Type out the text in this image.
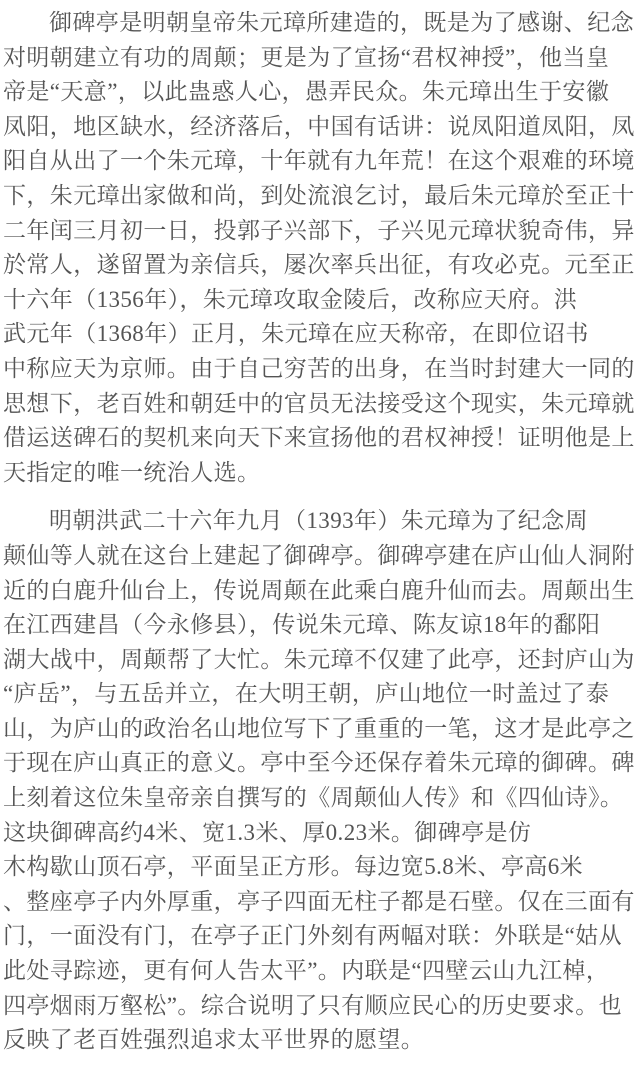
御碑亭是明朝皇帝朱元璋所建造的，既是为了感谢、纪念
对明朝建立有功的周颠；更是为了宣扬“君权神授”，他当皇
帝是“天意”，以此蛊惑人心，愚弄民众。朱元璋出生于安徽
凤阳，地区缺水，经济落后，中国有话讲：说凤阳道凤阳，凤
阳自从出了一个朱元璋，十年就有九年荒！在这个艰难的环境
下，朱元璋出家做和尚，到处流浪乞讨，最后朱元璋於至正十
二年闰三月初一日，投郭子兴部下，子兴见元璋状貌奇伟，异
於常人，遂留置为亲信兵，屡次率兵出征，有攻必克。元至正
十六年（1356年），朱元璋攻取金陵后，改称应天府。洪
武元年（1368年）正月，朱元璋在应天称帝，在即位诏书
中称应天为京师。由于自己穷苦的出身，在当时封建大一同的
思想下，老百姓和朝廷中的官员无法接受这个现实，朱元璋就
借运送碑石的契机来向天下来宣扬他的君权神授！证明他是上
天指定的唯一统治人选。
明朝洪武二十六年九月（1393年）朱元璋为了纪念周
颠仙等人就在这台上建起了御碑亭。御碑亭建在庐山仙人洞附
近的白鹿升仙台上，传说周颠在此乘白鹿升仙而去。周颠出生
在江西建昌（今永修县），传说朱元璋、陈友谅18年的鄱阳
湖大战中，周颠帮了大忙。朱元璋不仅建了此亭，还封庐山为
“庐岳”，与五岳并立，在大明王朝，庐山地位一时盖过了泰
山，为庐山的政治名山地位写下了重重的一笔，这才是此亭之
于现在庐山真正的意义。亭中至今还保存着朱元璋的御碑。碑
上刻着这位朱皇帝亲自撰写的《周颠仙人传》和《四仙诗》。
这块御碑高约4米、宽1.3米、厚0.23米。御碑亭是仿
木构歇山顶石亭，平面呈正方形。每边宽5.8米、亭高6米
、整座亭子内外厚重，亭子四面无柱子都是石壁。仅在三面有
门，一面没有门，在亭子正门外刻有两幅对联：外联是“姑从
此处寻踪迹，更有何人告太平”。内联是“四壁云山九江棹，
四亭烟雨万壑松”。综合说明了只有顺应民心的历史要求。也
反映了老百姓强烈追求太平世界的愿望。
